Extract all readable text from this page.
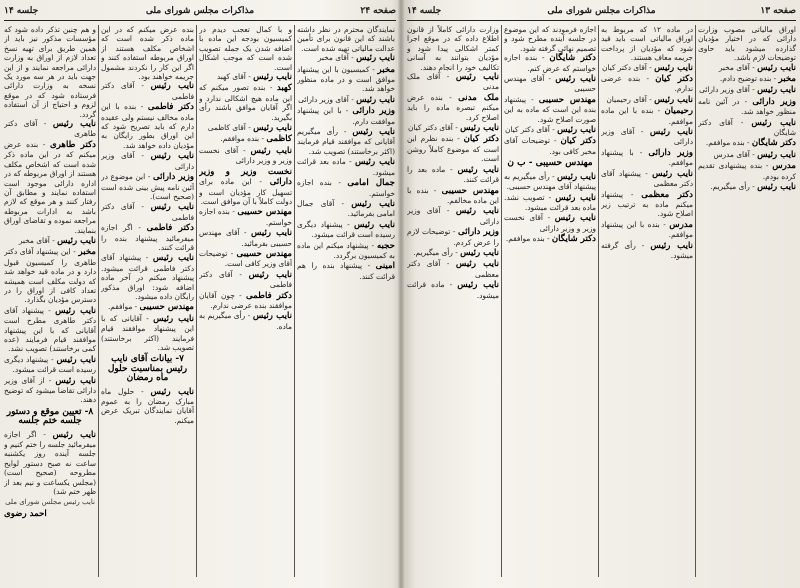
صفحه ۲۴
مذاکرات مجلس شورای ملی
جلسه ۱۴
و هم چنین تذکر داده شود که مؤسسات مذکور نیز باید از همین طریق برای تهیه نسخ تعداد لازم از اوراق به وزارت دارائی مراجعه نمایند و از این جهت باید در هر سه مورد یک نسخه به وزارت دارائی فرستاده شود که در موقع لزوم و احتیاج از آن استفاده گردد.

نایب رئیس - آقای دکتر طاهری

دکتر طاهری - بنده عرض میکنم که در این ماده ذکر شده است که اشخاص مکلف هستند از اوراق مربوطه که در اداره دارائی موجود است استفاده نمایند و مطابق آن رفتار کنند و هر موقع که لازم باشد به ادارات مربوطه مراجعه نموده و تقاضای اوراق بنمایند.

نایب رئیس - آقای مخبر

مخبر - این پیشنهاد آقای دکتر طاهری را کمیسیون قبول دارد و در ماده قید خواهد شد که دولت مکلف است همیشه تعداد کافی از اوراق را در دسترس مؤدیان بگذارد.

نایب رئیس - پیشنهاد آقای دکتر طاهری مطرح است آقایانی که با این پیشنهاد موافقند قیام فرمایند (عده کمی برخاستند) تصویب نشد.

نایب رئیس - پیشنهاد دیگری رسیده است قرائت میشود.

نایب رئیس - از آقای وزیر دارائی تقاضا میشود که توضیح دهند.

۸- تعیین موقع و دستور جلسه ختم جلسه

نایب رئیس - اگر اجازه میفرمائید جلسه را ختم کنیم و جلسه آینده روز یکشنبه ساعت نه صبح دستور لوایح مطروحه (صحیح است) (مجلس یکساعت و نیم بعد از ظهر ختم شد)

نایب رئیس مجلس شورای ملی
احمد رضوی
بنده عرض میکنم که در این ماده ذکر شده است که اشخاص مکلف هستند از اوراق مربوطه استفاده کنند و اگر این کار را نکردند مشمول جریمه خواهند بود.

نایب رئیس - آقای دکتر فاطمی

دکتر فاطمی - بنده با این ماده مخالف نیستم ولی عقیده دارم که باید تصریح شود که این اوراق بطور رایگان به مؤدیان داده خواهد شد.

نایب رئیس - آقای وزیر دارائی

وزیر دارائی - این موضوع در آئین نامه پیش بینی شده است (صحیح است).

نایب رئیس - آقای دکتر فاطمی

دکتر فاطمی - اگر اجازه میفرمائید پیشنهاد بنده را قرائت کنند.

نایب رئیس - پیشنهاد آقای دکتر فاطمی قرائت میشود. پیشنهاد میکنم در آخر ماده اضافه شود: اوراق مذکور رایگان داده میشود.

مهندس حسیبی - موافقم.

نایب رئیس - آقایانی که با این پیشنهاد موافقند قیام فرمایند (اکثر برخاستند) تصویب شد.

۷- بیانات آقای نایب رئیس بمناسبت حلول ماه رمضان

نایب رئیس - حلول ماه مبارک رمضان را به عموم آقایان نمایندگان تبریک عرض میکنم.

و با کمال تعجب دیدم در کمیسیون بودجه این ماده با اضافه شدن یک جمله تصویب شده است که موجب اشکال است.

نایب رئیس - آقای کهبد

کهبد - بنده تصور میکنم که این ماده هیچ اشکالی ندارد و اگر آقایان موافق باشند رأی بگیرید.

نایب رئیس - آقای کاظمی

کاظمی - بنده موافقم.

نایب رئیس - آقای نخست وزیر و وزیر دارائی

نخست وزیر و وزیر دارائی - این ماده برای تسهیل کار مؤدیان است و دولت کاملاً با آن موافق است.

مهندس حسیبی - بنده اجازه خواستم.

نایب رئیس - آقای مهندس حسیبی بفرمائید.

مهندس حسیبی - توضیحات آقای وزیر کافی است.

نایب رئیس - آقای دکتر فاطمی

دکتر فاطمی - چون آقایان موافقند بنده عرضی ندارم.

نایب رئیس - رأی میگیریم به ماده.

نمایندگان محترم در نظر داشته باشند که این قانون برای تأمین عدالت مالیاتی تهیه شده است.

نایب رئیس - آقای مخبر

مخبر - کمیسیون با این پیشنهاد موافق است و در ماده منظور خواهد شد.

نایب رئیس - آقای وزیر دارائی

وزیر دارائی - با این پیشنهاد موافقت دارم.

نایب رئیس - رأی میگیریم آقایانی که موافقند قیام فرمایند (اکثر برخاستند) تصویب شد.

نایب رئیس - ماده بعد قرائت میشود.

جمال امامی - بنده اجازه خواستم.

نایب رئیس - آقای جمال امامی بفرمائید.

نایب رئیس - پیشنهاد دیگری رسیده است قرائت میشود.

حجبه - پیشنهاد میکنم این ماده به کمیسیون برگردد.

امینی - پیشنهاد بنده را هم قرائت کنند.

صفحه ۱۳
مذاکرات مجلس شورای ملی
جلسه ۱۴
وزارت دارائی کاملاً از قانون اطلاع داده که در موقع اجرا کمتر اشکالی پیدا شود و مؤدیان بتوانند به آسانی تکالیف خود را انجام دهند.

نایب رئیس - آقای ملک مدنی

ملک مدنی - بنده عرض میکنم تبصره ماده را باید اصلاح کرد.

نایب رئیس - آقای دکتر کیان

دکتر کیان - بنده نظرم این است که موضوع کاملاً روشن است.

نایب رئیس - ماده بعد را قرائت کنند.

مهندس حسیبی - بنده با این ماده مخالفم.

نایب رئیس - آقای وزیر دارائی

وزیر دارائی - توضیحات لازم را عرض کردم.

نایب رئیس - رأی میگیریم.

نایب رئیس - آقای دکتر معظمی

نایب رئیس - ماده قرائت میشود.

اجازه فرمودند که این موضوع در جلسه آینده مطرح شود و تصمیم نهائی گرفته شود.

دکتر شایگان - بنده اجازه خواستم که عرض کنم.

نایب رئیس - آقای مهندس حسیبی

مهندس حسیبی - پیشنهاد بنده این است که ماده به این صورت اصلاح شود.

نایب رئیس - آقای دکتر کیان

دکتر کیان - توضیحات آقای مخبر کافی بود.

مهندس حسیبی - ب ن

نایب رئیس - رأی میگیریم به پیشنهاد آقای مهندس حسیبی.

نایب رئیس - تصویب نشد. ماده بعد قرائت میشود.

نایب رئیس - آقای نخست وزیر و وزیر دارائی

دکتر شایگان - بنده موافقم.

در ماده ۱۲ که مربوط به اوراق مالیاتی است باید قید شود که مؤدیان از پرداخت جریمه معاف هستند.

نایب رئیس - آقای دکتر کیان

دکتر کیان - بنده عرضی ندارم.

نایب رئیس - آقای رحیمیان

رحیمیان - بنده با این ماده موافقم.

نایب رئیس - آقای وزیر دارائی

وزیر دارائی - با پیشنهاد موافقم.

نایب رئیس - پیشنهاد آقای دکتر معظمی

دکتر معظمی - پیشنهاد میکنم ماده به ترتیب زیر اصلاح شود.

مدرس - بنده با این پیشنهاد موافقم.

نایب رئیس - رأی گرفته میشود.

اوراق مالیاتی مصوب وزارت دارائی که در اختیار مؤدیان گذارده میشود باید حاوی توضیحات لازم باشد.

نایب رئیس - آقای مخبر

مخبر - بنده توضیح دادم.

نایب رئیس - آقای وزیر دارائی

وزیر دارائی - در آئین نامه منظور خواهد شد.

نایب رئیس - آقای دکتر شایگان

دکتر شایگان - بنده موافقم.

نایب رئیس - آقای مدرس

مدرس - بنده پیشنهادی تقدیم کرده بودم.

نایب رئیس - رأی میگیریم.
